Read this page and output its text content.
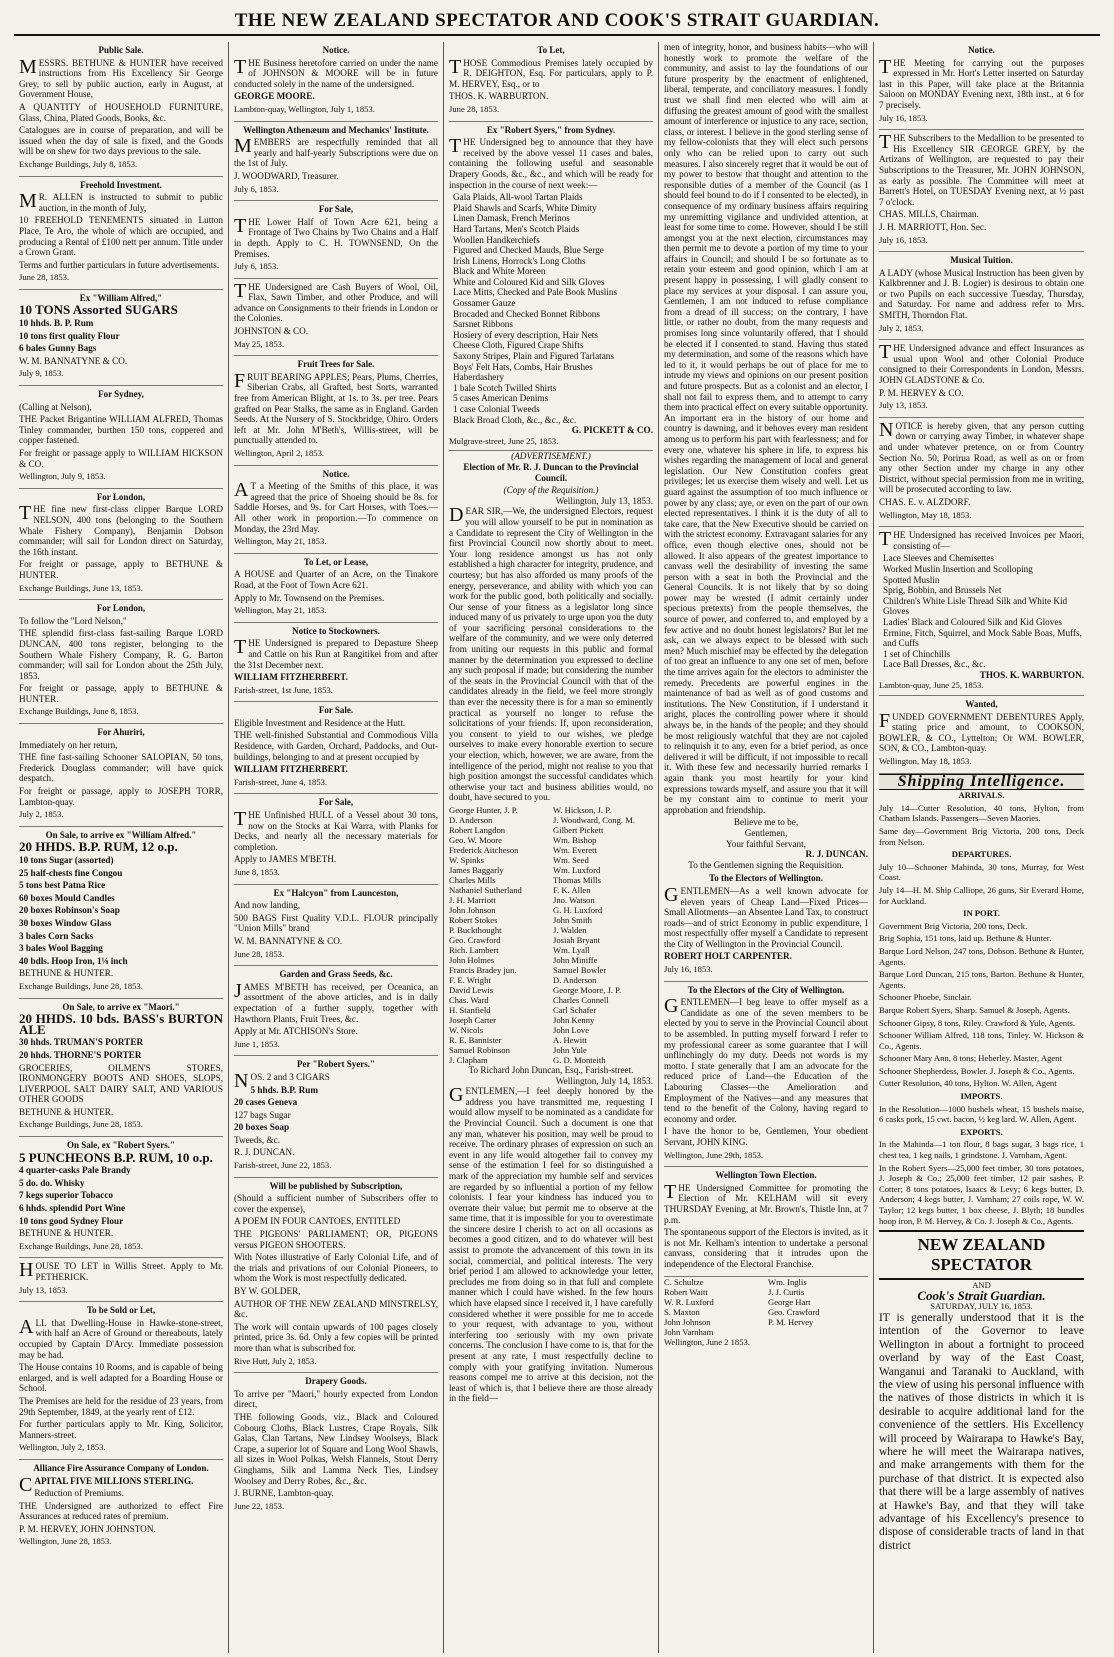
THE NEW ZEALAND SPECTATOR AND COOK'S STRAIT GUARDIAN.
Public Sale.
MESSRS. BETHUNE & HUNTER have received instructions from His Excellency Sir George Grey, to sell by public auction, early in August, at Government House,
A QUANTITY of HOUSEHOLD FURNITURE, Glass, China, Plated Goods, Books, &c.
Catalogues are in course of preparation, and will be issued when the day of sale is fixed, and the Goods will be on shew for two days previous to the sale.
Exchange Buildings, July 8, 1853.
Freehold Investment.
MR. ALLEN is instructed to submit to public auction, in the month of July,
10 FREEHOLD TENEMENTS situated in Lutton Place, Te Aro, the whole of which are occupied, and producing a Rental of £100 nett per annum. Title under a Crown Grant.
Terms and further particulars in future advertisements.
June 28, 1853.
Ex "William Alfred,"
10 TONS Assorted SUGARS
10 hhds. B. P. Rum
10 tons first quality Flour
6 bales Gunny Bags
W. M. BANNATYNE & CO.
July 9, 1853.
For Sydney,
(Calling at Nelson),
THE Packet Brigantine WILLIAM ALFRED, Thomas Tinley commander, burthen 150 tons, coppered and copper fastened.
For freight or passage apply to WILLIAM HICKSON & CO.
Wellington, July 9, 1853.
For London,
THE fine new first-class clipper Barque LORD NELSON, 400 tons (belonging to the Southern Whale Fishery Company), Benjamin Dobson commander; will sail for London direct on Saturday, the 16th instant.
For freight or passage, apply to BETHUNE & HUNTER.
Exchange Buildings, June 13, 1853.
For London,
To follow the "Lord Nelson,"
THE splendid first-class fast-sailing Barque LORD DUNCAN, 400 tons register, belonging to the Southern Whale Fishery Company, R. G. Barton commander; will sail for London about the 25th July, 1853.
For freight or passage, apply to BETHUNE & HUNTER.
Exchange Buildings, June 8, 1853.
For Ahuriri,
Immediately on her return,
THE fine fast-sailing Schooner SALOPIAN, 50 tons, Frederick Douglass commander; will have quick despatch.
For freight or passage, apply to JOSEPH TORR, Lambton-quay.
July 2, 1853.
On Sale, to arrive ex "William Alfred."
20 HHDS. B.P. RUM, 12 o.p.
10 tons Sugar (assorted)
25 half-chests fine Congou
5 tons best Patna Rice
60 boxes Mould Candles
20 boxes Robinson's Soap
30 boxes Window Glass
3 bales Corn Sacks
3 bales Wool Bagging
40 bdls. Hoop Iron, 1⅛ inch
BETHUNE & HUNTER.
Exchange Buildings, June 28, 1853.
On Sale, to arrive ex "Maori."
20 HHDS. 10 bds. BASS's BURTON ALE
30 hhds. TRUMAN'S PORTER
20 hhds. THORNE'S PORTER
GROCERIES, OILMEN'S STORES, IRONMONGERY BOOTS AND SHOES, SLOPS, LIVERPOOL SALT DAIRY SALT, AND VARIOUS OTHER GOODS
BETHUNE & HUNTER.
Exchange Buildings, June 28, 1853.
On Sale, ex "Robert Syers."
5 PUNCHEONS B.P. RUM, 10 o.p.
4 quarter-casks Pale Brandy
5 do. do. Whisky
7 kegs superior Tobacco
6 hhds. splendid Port Wine
10 tons good Sydney Flour
BETHUNE & HUNTER.
Exchange Buildings, June 28, 1853.
HOUSE TO LET in Willis Street. Apply to Mr. PETHERICK.
July 13, 1853.
To be Sold or Let,
ALL that Dwelling-House in Hawke-stone-street, with half an Acre of Ground or thereabouts, lately occupied by Captain D'Arcy. Immediate possession may be had.
The House contains 10 Rooms, and is capable of being enlarged, and is well adapted for a Boarding House or School.
The Premises are held for the residue of 23 years, from 29th September, 1849, at the yearly rent of £12.
For further particulars apply to Mr. King, Solicitor, Manners-street.
Wellington, July 2, 1853.
Alliance Fire Assurance Company of London.
CAPITAL FIVE MILLIONS STERLING.
Reduction of Premiums.
THE Undersigned are authorized to effect Fire Assurances at reduced rates of premium.
P. M. HERVEY, JOHN JOHNSTON.
Wellington, June 28, 1853.
Notice.
THE Business heretofore carried on under the name of JOHNSON & MOORE will be in future conducted solely in the name of the undersigned.
GEORGE MOORE.
Lambton-quay, Wellington, July 1, 1853.
Wellington Athenæum and Mechanics' Institute.
MEMBERS are respectfully reminded that all yearly and half-yearly Subscriptions were due on the 1st of July.
J. WOODWARD, Treasurer.
July 6, 1853.
For Sale,
THE Lower Half of Town Acre 621, being a Frontage of Two Chains by Two Chains and a Half in depth. Apply to C. H. TOWNSEND, On the Premises.
July 6, 1853.
THE Undersigned are Cash Buyers of Wool, Oil, Flax, Sawn Timber, and other Produce, and will advance on Consignments to their friends in London or the Colonies.
JOHNSTON & CO.
May 25, 1853.
Fruit Trees for Sale.
FRUIT BEARING APPLES; Pears, Plums, Cherries, Siberian Crabs, all Grafted, best Sorts, warranted free from American Blight, at 1s. to 3s. per tree. Pears grafted on Pear Stalks, the same as in England. Garden Seeds. At the Nursery of S. Stockbridge, Ohiro. Orders left at Mr. John M'Beth's, Willis-street, will be punctually attended to.
Wellington, April 2, 1853.
Notice.
AT a Meeting of the Smiths of this place, it was agreed that the price of Shoeing should be 8s. for Saddle Horses, and 9s. for Cart Horses, with Toes.—All other work in proportion.—To commence on Monday, the 23rd May.
Wellington, May 21, 1853.
To Let, or Lease,
A HOUSE and Quarter of an Acre, on the Tinakore Road, at the Foot of Town Acre 621.
Apply to Mr. Townsend on the Premises.
Wellington, May 21, 1853.
Notice to Stockowners.
THE Undersigned is prepared to Depasture Sheep and Cattle on his Run at Rangitikei from and after the 31st December next.
WILLIAM FITZHERBERT.
Farish-street, 1st June, 1853.
For Sale.
Eligible Investment and Residence at the Hutt.
THE well-finished Substantial and Commodious Villa Residence, with Garden, Orchard, Paddocks, and Out-buildings, belonging to and at present occupied by
WILLIAM FITZHERBERT.
Farish-street, June 4, 1853.
For Sale,
THE Unfinished HULL of a Vessel about 30 tons, now on the Stocks at Kai Warra, with Planks for Decks, and nearly all the necessary materials for completion.
Apply to JAMES M'BETH.
June 8, 1853.
Ex "Halcyon" from Launceston,
And now landing,
500 BAGS First Quality V.D.L. FLOUR principally "Union Mills" brand
W. M. BANNATYNE & CO.
June 28, 1853.
Garden and Grass Seeds, &c.
JAMES M'BETH has received, per Oceanica, an assortment of the above articles, and is in daily expectation of a further supply, together with Hawthorn Plants, Fruit Trees, &c.
Apply at Mr. ATCHISON's Store.
June 1, 1853.
Per "Robert Syers."
NOS. 2 and 3 CIGARS
5 hhds. B.P. Rum
20 cases Geneva
127 bags Sugar
20 boxes Soap
Tweeds, &c.
R. J. DUNCAN.
Farish-street, June 22, 1853.
Will be published by Subscription,
(Should a sufficient number of Subscribers offer to cover the expense),
A POEM IN FOUR CANTOES, ENTITLED
THE PIGEONS' PARLIAMENT; OR, PIGEONS versus PIGEON SHOOTERS.
With Notes illustrative of Early Colonial Life, and of the trials and privations of our Colonial Pioneers, to whom the Work is most respectfully dedicated.
BY W. GOLDER,
AUTHOR OF THE NEW ZEALAND MINSTRELSY, &c.
The work will contain upwards of 100 pages closely printed, price 3s. 6d. Only a few copies will be printed more than what is subscribed for.
Rive Hutt, July 2, 1853.
Drapery Goods.
To arrive per "Maori," hourly expected from London direct,
THE following Goods, viz., Black and Coloured Cobourg Cloths, Black Lustres, Crape Royals, Silk Galas, Clan Tartans, New Lindsey Woolseys, Black Crape, a superior lot of Square and Long Wool Shawls, all sizes in Wool Polkas, Welsh Flannels, Stout Derry Ginghams, Silk and Lamma Neck Ties, Lindsey Woolsey and Derry Robes, &c., &c.
J. BURNE, Lambton-quay.
June 22, 1853.
To Let,
THOSE Commodious Premises lately occupied by R. DEIGHTON, Esq. For particulars, apply to P. M. HERVEY, Esq., or to
THOS. K. WARBURTON.
June 28, 1853.
Ex "Robert Syers," from Sydney.
THE Undersigned beg to announce that they have received by the above vessel 11 cases and bales, containing the following useful and seasonable Drapery Goods, &c., &c., and which will be ready for inspection in the course of next week:—
Gala Plaids, All-wool Tartan Plaids
Plaid Shawls and Scarfs, White Dimity
Linen Damask, French Merinos
Hard Tartans, Men's Scotch Plaids
Woollen Handkerchiefs
Figured and Checked Mauds, Blue Serge
Irish Linens, Horrock's Long Cloths
Black and White Moreen
White and Coloured Kid and Silk Gloves
Lace Mitts, Checked and Pale Book Muslins
Gossamer Gauze
Brocaded and Checked Bonnet Ribbons
Sarsnet Ribbons
Hosiery of every description, Hair Nets
Cheese Cloth, Figured Crape Shifts
Saxony Stripes, Plain and Figured Tarlatans
Boys' Felt Hats, Combs, Hair Brushes
Haberdashery
1 bale Scotch Twilled Shirts
5 cases American Denims
1 case Colonial Tweeds
Black Broad Cloth, &c., &c., &c.
G. PICKETT & CO.
Mulgrave-street, June 25, 1853.
(ADVERTISEMENT.)
Election of Mr. R. J. Duncan to the Provincial Council.
(Copy of the Requisition.)
Wellington, July 13, 1853.
DEAR SIR,—We, the undersigned Electors, request you will allow yourself to be put in nomination as a Candidate to represent the City of Wellington in the first Provincial Council now shortly about to meet. Your long residence amongst us has not only established a high character for integrity, prudence, and courtesy; but has also afforded us many proofs of the energy, perseverance, and ability with which you can work for the public good, both politically and socially. Our sense of your fitness as a legislator long since induced many of us privately to urge upon you the duty of your sacrificing personal considerations to the welfare of the community, and we were only deterred from uniting our requests in this public and formal manner by the determination you expressed to decline any such proposal if made; but considering the number of the seats in the Provincial Council with that of the candidates already in the field, we feel more strongly than ever the necessity there is for a man so eminently practical as yourself no longer to refuse the solicitations of your friends. If, upon reconsideration, you consent to yield to our wishes, we pledge ourselves to make every honorable exertion to secure your election, which, however, we are aware, from the intelligence of the period, might not realise to you that high position amongst the successful candidates which otherwise your tact and business abilities would, no doubt, have secured to you.
George Hunter, J. P.	W. Hickson, J. P.
D. Anderson	J. Woodward, Cong. M.
Robert Langdon	Gilbert Pickett
Geo. W. Moore	Wm. Bishop
Frederick Aitcheson	Wm. Everett
W. Spinks	Wm. Seed
James Baggarly	Wm. Luxford
Charles Mills	Thomas Mills
Nathaniel Sutherland	F. K. Allen
J. H. Marriott	Jno. Watson
John Johnson	G. H. Luxford
Robert Stokes	John Smith
P. Buckthought	J. Walden
Geo. Crawford	Josiah Bryant
Rich. Lambert	Wm. Lyall
John Holmes	John Miniffe
Francis Bradey jun.	Samuel Bowler
F. E. Wright	D. Anderson
David Lewis	George Moore, J. P.
Chas. Ward	Charles Connell
H. Stanfield	Carl Schafer
Joseph Carter	John Kenny
W. Nicols	John Love
R. E. Bannister	A. Hewitt
Samuel Robinson	John Yule
J. Clapham	G. D. Monteith
To Richard John Duncan, Esq., Farish-street.
Wellington, July 14, 1853.
GENTLEMEN,—I feel deeply honored by the address you have transmitted me, requesting I would allow myself to be nominated as a candidate for the Provincial Council. Such a document is one that any man, whatever his position, may well be proud to receive. The ordinary phrases of expression on such an event in any life would altogether fail to convey my sense of the estimation I feel for so distinguished a mark of the appreciation my humble self and services are regarded by so influential a portion of my fellow colonists. I fear your kindness has induced you to overrate their value; but permit me to observe at the same time, that it is impossible for you to overestimate the sincere desire I cherish to act on all occasions as becomes a good citizen, and to do whatever will best assist to promote the advancement of this town in its social, commercial, and political interests. The very brief period I am allowed to acknowledge your letter, precludes me from doing so in that full and complete manner which I could have wished. In the few hours which have elapsed since I received it, I have carefully considered whether it were possible for me to accede to your request, with advantage to you, without interfering too seriously with my own private concerns. The conclusion I have come to is, that for the present at any rate, I must respectfully decline to comply with your gratifying invitation. Numerous reasons compel me to arrive at this decision, not the least of which is, that I believe there are those already in the field—
men of integrity, honor, and business habits—who will honestly work to promote the welfare of the community, and assist to lay the foundations of our future prosperity by the enactment of enlightened, liberal, temperate, and conciliatory measures. I fondly trust we shall find men elected who will aim at diffusing the greatest amount of good with the smallest amount of interference or injustice to any race, section, class, or interest. I believe in the good sterling sense of my fellow-colonists that they will elect such persons only who can be relied upon to carry out such measures. I also sincerely regret that it would be out of my power to bestow that thought and attention to the responsible duties of a member of the Council (as I should feel bound to do if I consented to be elected), in consequence of my ordinary business affairs requiring my unremitting vigilance and undivided attention, at least for some time to come. However, should I be still amongst you at the next election, circumstances may then permit me to devote a portion of my time to your affairs in Council; and should I be so fortunate as to retain your esteem and good opinion, which I am at present happy in possessing, I will gladly consent to place my services at your disposal. I can assure you, Gentlemen, I am not induced to refuse compliance from a dread of ill success; on the contrary, I have little, or rather no doubt, from the many requests and promises long since voluntarily offered, that I should be elected if I consented to stand. Having thus stated my determination, and some of the reasons which have led to it, it would perhaps be out of place for me to intrude my views and opinions on our present position and future prospects. But as a colonist and an elector, I shall not fail to express them, and to attempt to carry them into practical effect on every suitable opportunity. An important era in the history of our home and country is dawning, and it behoves every man resident among us to perform his part with fearlessness; and for every one, whatever his sphere in life, to express his wishes regarding the management of local and general legislation. Our New Constitution confers great privileges; let us exercise them wisely and well. Let us guard against the assumption of too much influence or power by any class; aye, or even on the part of our own elected representatives. I think it is the duty of all to take care, that the New Executive should be carried on with the strictest economy. Extravagant salaries for any office, even though elective ones, should not be allowed. It also appears of the greatest importance to canvass well the desirability of investing the same person with a seat in both the Provincial and the General Councils. It is not likely that by so doing power may be wrested (I admit certainly under specious pretexts) from the people themselves, the source of power, and conferred to, and employed by a few active and no doubt honest legislators? But let me ask, can we always expect to be blessed with such men? Much mischief may be effected by the delegation of too great an influence to any one set of men, before the time arrives again for the electors to administer the remedy. Precedents are powerful engines in the maintenance of bad as well as of good customs and institutions. The New Constitution, if I understand it aright, places the controlling power where it should always be, in the hands of the people; and they should be most religiously watchful that they are not cajoled to relinquish it to any, even for a brief period, as once delivered it will be difficult, if not impossible to recall it. With these few and necessarily hurried remarks I again thank you most heartily for your kind expressions towards myself, and assure you that it will be my constant aim to continue to merit your approbation and friendship.
Believe me to be,
Gentlemen,
Your faithful Servant,
R. J. DUNCAN.
To the Gentlemen signing the Requisition.
To the Electors of Wellington.
GENTLEMEN—As a well known advocate for eleven years of Cheap Land—Fixed Prices—Small Allotments—an Absentee Land Tax, to construct roads—and of strict Economy in public expenditure, I most respectfully offer myself a Candidate to represent the City of Wellington in the Provincial Council.
ROBERT HOLT CARPENTER.
July 16, 1853.
To the Electors of the City of Wellington.
GENTLEMEN—I beg leave to offer myself as a Candidate as one of the seven members to be elected by you to serve in the Provincial Council about to be assembled. In putting myself forward I refer to my professional career as some guarantee that I will unflinchingly do my duty. Deeds not words is my motto. I state generally that I am an advocate for the reduced price of Land—the Education of the Labouring Classes—the Amelioration and Employment of the Natives—and any measures that tend to the benefit of the Colony, having regard to economy and order.
I have the honor to be, Gentlemen, Your obedient Servant, JOHN KING.
Wellington, June 29th, 1853.
Wellington Town Election.
THE Undersigned Committee for promoting the Election of Mr. KELHAM will sit every THURSDAY Evening, at Mr. Brown's, Thistle Inn, at 7 p.m.
The spontaneous support of the Electors is invited, as it is not Mr. Kelham's intention to undertake a personal canvass, considering that it intrudes upon the independence of the Electoral Franchise.
C. Schultze	Wm. Inglis
Robert Waitt	J. J. Curtis
W. R. Luxford	George Hart
S. Maxton	Geo. Crawford
John Johnson	P. M. Hervey
John Varnham
Wellington, June 2 1853.
Notice.
THE Meeting for carrying out the purposes expressed in Mr. Hort's Letter inserted on Saturday last in this Paper, will take place at the Britannia Saloon on MONDAY Evening next, 18th inst., at 6 for 7 precisely.
July 16, 1853.
THE Subscribers to the Medallion to be presented to His Excellency SIR GEORGE GREY, by the Artizans of Wellington, are requested to pay their Subscriptions to the Treasurer, Mr. JOHN JOHNSON, as early as possible. The Committee will meet at Barrett's Hotel, on TUESDAY Evening next, at ½ past 7 o'clock.
CHAS. MILLS, Chairman.
J. H. MARRIOTT, Hon. Sec.
July 16, 1853.
Musical Tuition.
A LADY (whose Musical Instruction has been given by Kalkbrenner and J. B. Logier) is desirous to obtain one or two Pupils on each successive Tuesday, Thursday, and Saturday. For name and address refer to Mrs. SMITH, Thorndon Flat.
July 2, 1853.
THE Undersigned advance and effect Insurances as usual upon Wool and other Colonial Produce consigned to their Correspondents in London, Messrs. JOHN GLADSTONE & Co.
P. M. HERVEY & CO.
July 13, 1853.
NOTICE is hereby given, that any person cutting down or carrying away Timber, in whatever shape and under whatever pretence, on or from Country Section No. 50, Porirua Road, as well as on or from any other Section under my charge in any other District, without special permission from me in writing, will be prosecuted according to law.
CHAS. E. v. ALZDORF.
Wellington, May 18, 1853.
THE Undersigned has received Invoices per Maori, consisting of—
Lace Sleeves and Chemisettes
Worked Muslin Insertion and Scolloping
Spotted Muslin
Sprig, Bobbin, and Brussels Net
Children's White Lisle Thread Silk and White Kid Gloves
Ladies' Black and Coloured Silk and Kid Gloves
Ermine, Fitch, Squirrel, and Mock Sable Boas, Muffs, and Cuffs
1 set of Chinchills
Lace Ball Dresses, &c., &c.
THOS. K. WARBURTON.
Lambton-quay, June 25, 1853.
Wanted,
FUNDED GOVERNMENT DEBENTURES Apply, stating price and amount, to COOKSON, BOWLER, & CO., Lyttelton; Or WM. BOWLER, SON, & CO., Lambton-quay.
Wellington, May 18, 1853.
Shipping Intelligence.
ARRIVALS.
July 14—Cutter Resolution, 40 tons, Hylton, from Chatham Islands. Passengers—Seven Maories.
Same day—Government Brig Victoria, 200 tons, Deck from Nelson.
DEPARTURES.
July 10—Schooner Mahinda, 30 tons, Murray, for West Coast.
July 14—H. M. Ship Calliope, 26 guns, Sir Everard Home, for Auckland.
IN PORT.
Government Brig Victoria, 200 tons, Deck.
Brig Sophia, 151 tons, laid up. Bethune & Hunter.
Barque Lord Nelson, 247 tons, Dobson. Bethune & Hunter, Agents.
Barque Lord Duncan, 215 tons, Barton. Bethune & Hunter, Agents.
Schooner Phoebe, Sinclair.
Barque Robert Syers, Sharp. Samuel & Joseph, Agents.
Schooner Gipsy, 8 tons, Riley. Crawford & Yule, Agents.
Schooner William Alfred, 118 tons, Tinley. W. Hickson & Co., Agents.
Schooner Mary Ann, 8 tons; Heberley. Master, Agent
Schooner Shepherdess, Bowler. J. Joseph & Co., Agents.
Cutter Resolution, 40 tons, Hylton. W. Allen, Agent
IMPORTS.
In the Resolution—1000 bushels wheat, 15 bushels maise, 6 casks pork, 15 cwt. bacon, ½ keg lard. W. Allen, Agent.
EXPORTS.
In the Mahinda—1 ton flour, 8 bags sugar, 3 bags rice, 1 chest tea, 1 keg nails, 1 grindstone. J. Varnham, Agent.
In the Robert Syers—25,000 feet timber, 30 tons potatoes, J. Joseph & Co.; 25,000 feet timber, 12 pair sashes, P. Cotter; 8 tons potatoes, Isaacs & Levy; 6 kegs butter, D. Anderson; 4 kegs butter, J. Varnham; 27 coils rope, W. W. Taylor; 12 kegs butter, 1 box cheese, J. Blyth; 18 bundles hoop iron, P. M. Hervey, & Co. J. Joseph & Co., Agents.
NEW ZEALAND SPECTATOR
AND
Cook's Strait Guardian.
SATURDAY, JULY 16, 1853.
IT is generally understood that it is the intention of the Governor to leave Wellington in about a fortnight to proceed overland by way of the East Coast, Wanganui and Taranaki to Auckland, with the view of using his personal influence with the natives of those districts in which it is desirable to acquire additional land for the convenience of the settlers. His Excellency will proceed by Wairarapa to Hawke's Bay, where he will meet the Wairarapa natives, and make arrangements with them for the purchase of that district. It is expected also that there will be a large assembly of natives at Hawke's Bay, and that they will take advantage of his Excellency's presence to dispose of considerable tracts of land in that district
